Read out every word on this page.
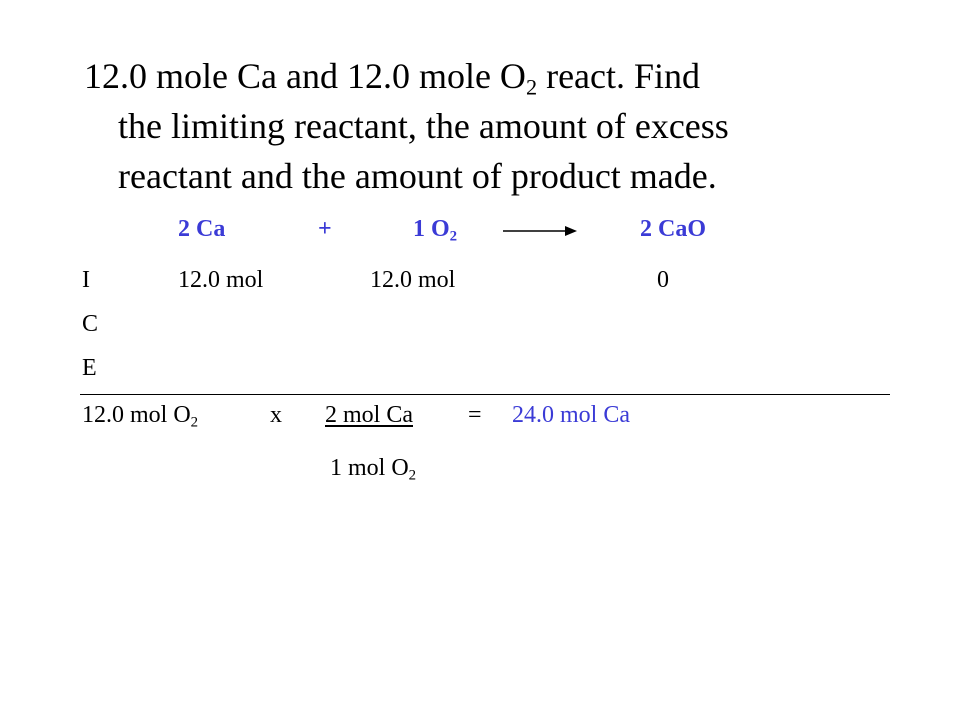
12.0 mole Ca and 12.0 mole $O_2$ react. Find
the limiting reactant, the amount of excess
reactant and the amount of product made.
2 Ca	+	1 $O_2$	2 CaO
I	12.0 mol	12.0 mol	0
C
E
12.0 mol $O_2$	x 2 mol Ca = 24.0 mol Ca
1 mol $O_2$
